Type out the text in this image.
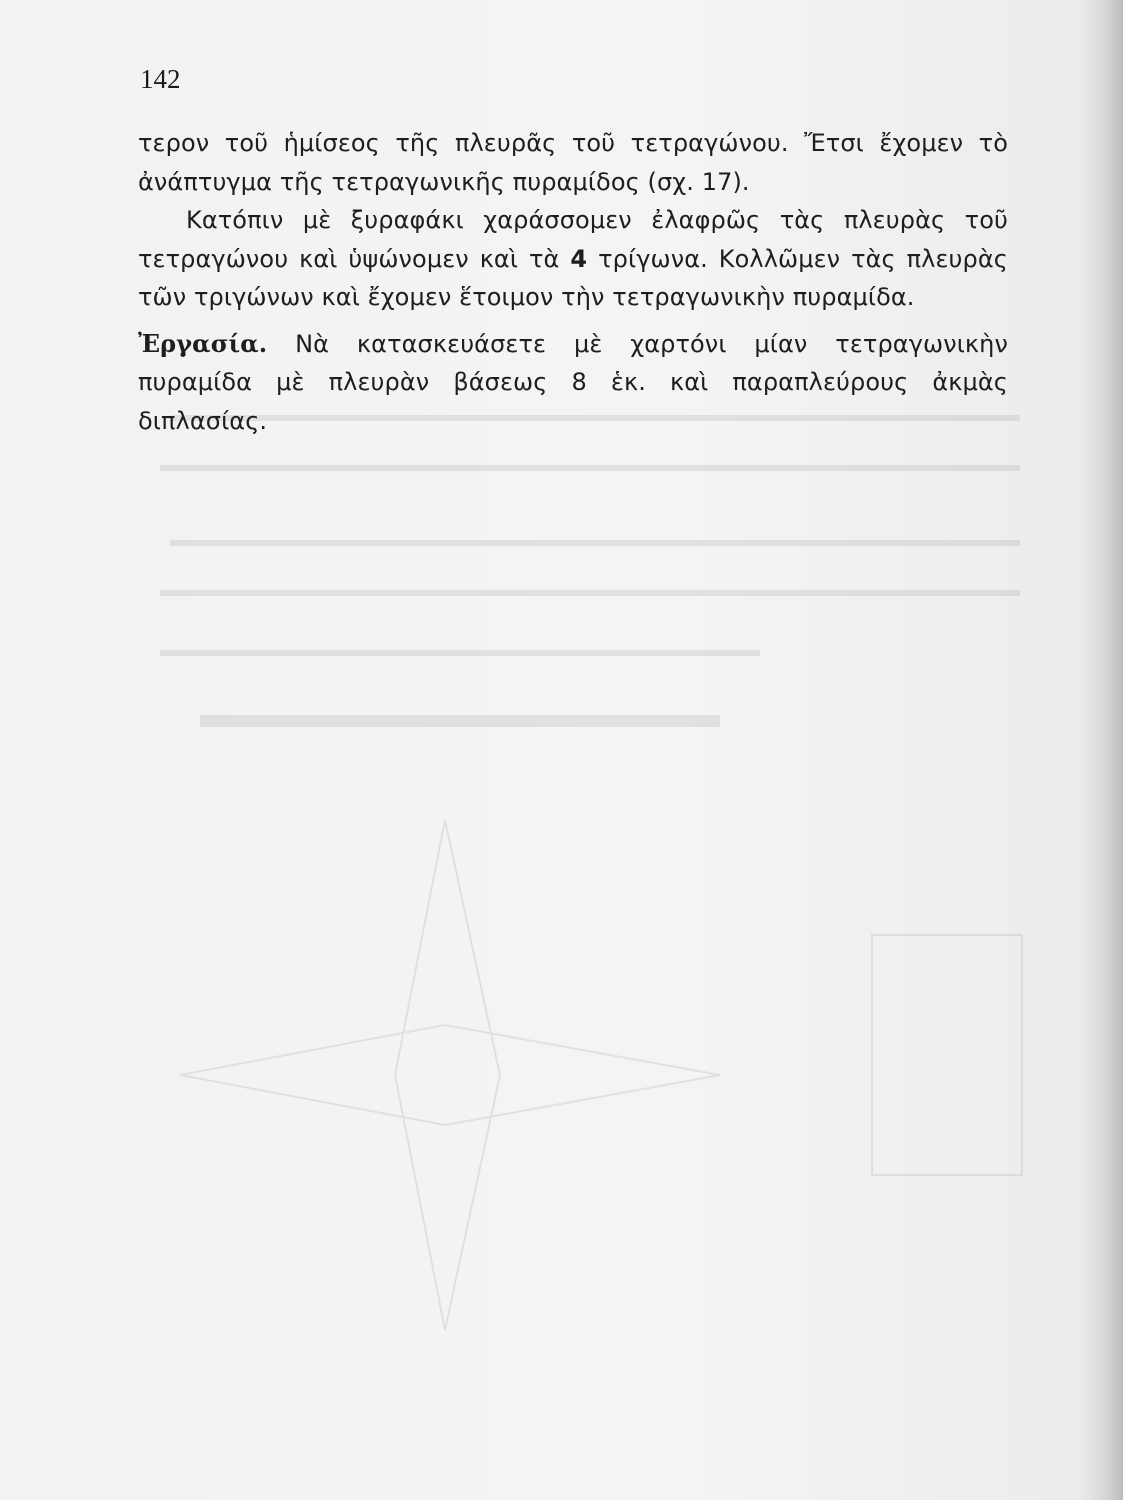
142

τερον τοῦ ἡμίσεος τῆς πλευρᾶς τοῦ τετραγώνου. Ἔτσι ἔχομεν τὸ ἀνάπτυγμα τῆς τετραγωνικῆς πυραμίδος (σχ. 17).

Κατόπιν μὲ ξυραφάκι χαράσσομεν ἐλαφρῶς τὰς πλευρὰς τοῦ τετραγώνου καὶ ὑψώνομεν καὶ τὰ 4 τρίγωνα. Κολλῶμεν τὰς πλευρὰς τῶν τριγώνων καὶ ἔχομεν ἕτοιμον τὴν τετραγωνικὴν πυραμίδα.

Ἐργασία. Νὰ κατασκευάσετε μὲ χαρτόνι μίαν τετραγωνικὴν πυραμίδα μὲ πλευρὰν βάσεως 8 ἑκ. καὶ παραπλεύρους ἀκμὰς διπλασίας.
